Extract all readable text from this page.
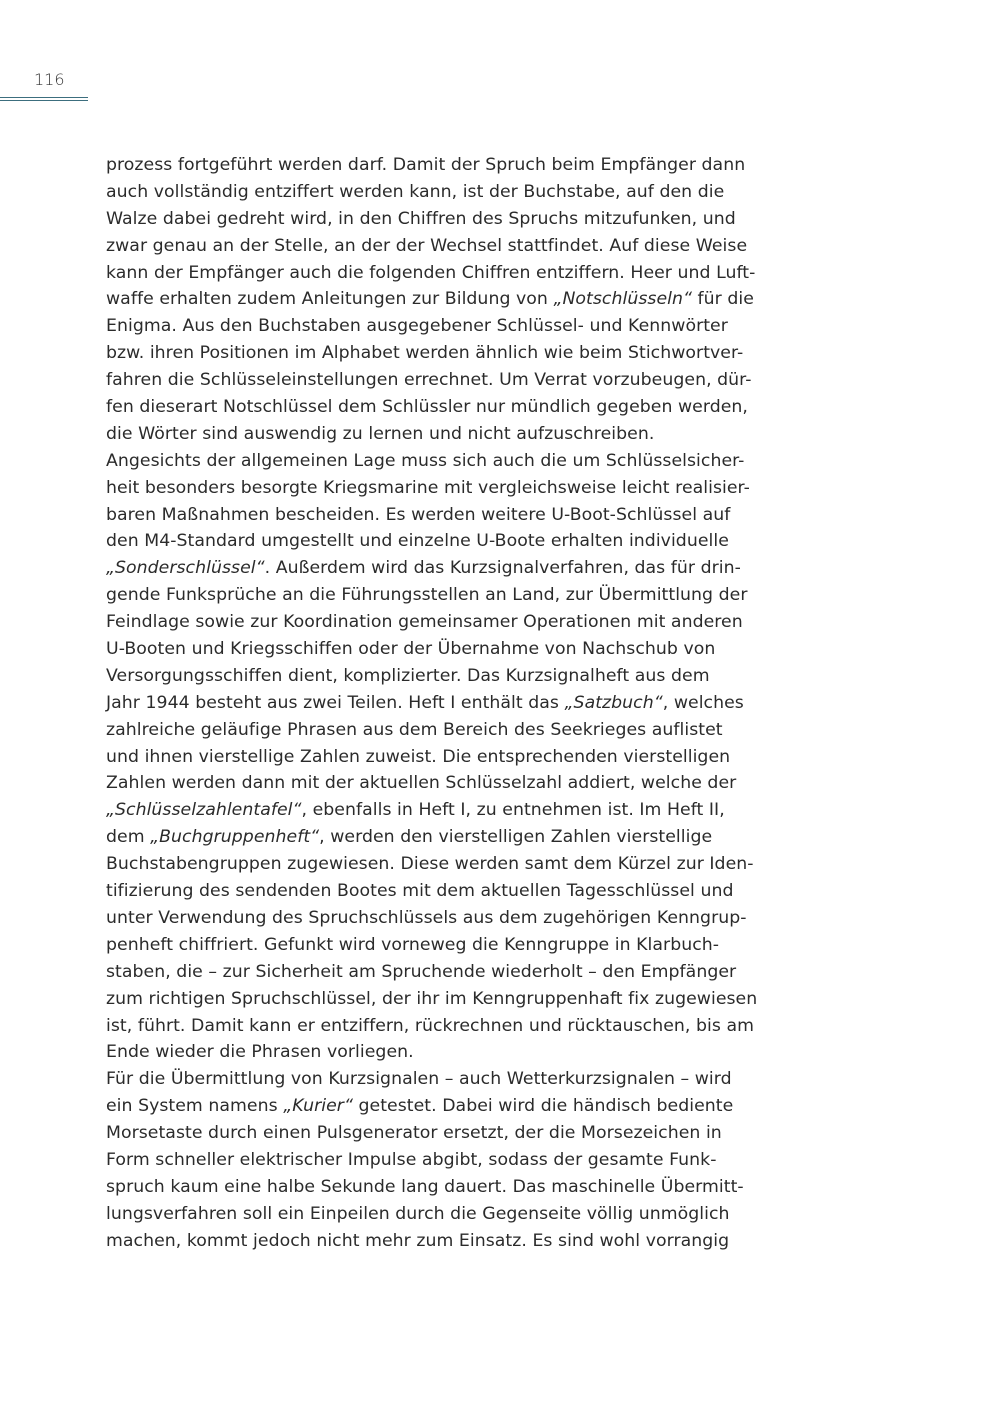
116
prozess fortgeführt werden darf. Damit der Spruch beim Empfänger dann
auch vollständig entziffert werden kann, ist der Buchstabe, auf den die
Walze dabei gedreht wird, in den Chiffren des Spruchs mitzufunken, und
zwar genau an der Stelle, an der der Wechsel stattfindet. Auf diese Weise
kann der Empfänger auch die folgenden Chiffren entziffern. Heer und Luft-
waffe erhalten zudem Anleitungen zur Bildung von „Notschlüsseln“ für die
Enigma. Aus den Buchstaben ausgegebener Schlüssel- und Kennwörter
bzw. ihren Positionen im Alphabet werden ähnlich wie beim Stichwortver-
fahren die Schlüsseleinstellungen errechnet. Um Verrat vorzubeugen, dür-
fen dieserart Notschlüssel dem Schlüssler nur mündlich gegeben werden,
die Wörter sind auswendig zu lernen und nicht aufzuschreiben.
Angesichts der allgemeinen Lage muss sich auch die um Schlüsselsicher-
heit besonders besorgte Kriegsmarine mit vergleichsweise leicht realisier-
baren Maßnahmen bescheiden. Es werden weitere U-Boot-Schlüssel auf
den M4-Standard umgestellt und einzelne U-Boote erhalten individuelle
„Sonderschlüssel“. Außerdem wird das Kurzsignalverfahren, das für drin-
gende Funksprüche an die Führungsstellen an Land, zur Übermittlung der
Feindlage sowie zur Koordination gemeinsamer Operationen mit anderen
U-Booten und Kriegsschiffen oder der Übernahme von Nachschub von
Versorgungsschiffen dient, komplizierter. Das Kurzsignalheft aus dem
Jahr 1944 besteht aus zwei Teilen. Heft I enthält das „Satzbuch“, welches
zahlreiche geläufige Phrasen aus dem Bereich des Seekrieges auflistet
und ihnen vierstellige Zahlen zuweist. Die entsprechenden vierstelligen
Zahlen werden dann mit der aktuellen Schlüsselzahl addiert, welche der
„Schlüsselzahlentafel“, ebenfalls in Heft I, zu entnehmen ist. Im Heft II,
dem „Buchgruppenheft“, werden den vierstelligen Zahlen vierstellige
Buchstabengruppen zugewiesen. Diese werden samt dem Kürzel zur Iden-
tifizierung des sendenden Bootes mit dem aktuellen Tagesschlüssel und
unter Verwendung des Spruchschlüssels aus dem zugehörigen Kenngrup-
penheft chiffriert. Gefunkt wird vorneweg die Kenngruppe in Klarbuch-
staben, die – zur Sicherheit am Spruchende wiederholt – den Empfänger
zum richtigen Spruchschlüssel, der ihr im Kenngruppenhaft fix zugewiesen
ist, führt. Damit kann er entziffern, rückrechnen und rücktauschen, bis am
Ende wieder die Phrasen vorliegen.
Für die Übermittlung von Kurzsignalen – auch Wetterkurzsignalen – wird
ein System namens „Kurier“ getestet. Dabei wird die händisch bediente
Morsetaste durch einen Pulsgenerator ersetzt, der die Morsezeichen in
Form schneller elektrischer Impulse abgibt, sodass der gesamte Funk-
spruch kaum eine halbe Sekunde lang dauert. Das maschinelle Übermitt-
lungsverfahren soll ein Einpeilen durch die Gegenseite völlig unmöglich
machen, kommt jedoch nicht mehr zum Einsatz. Es sind wohl vorrangig
